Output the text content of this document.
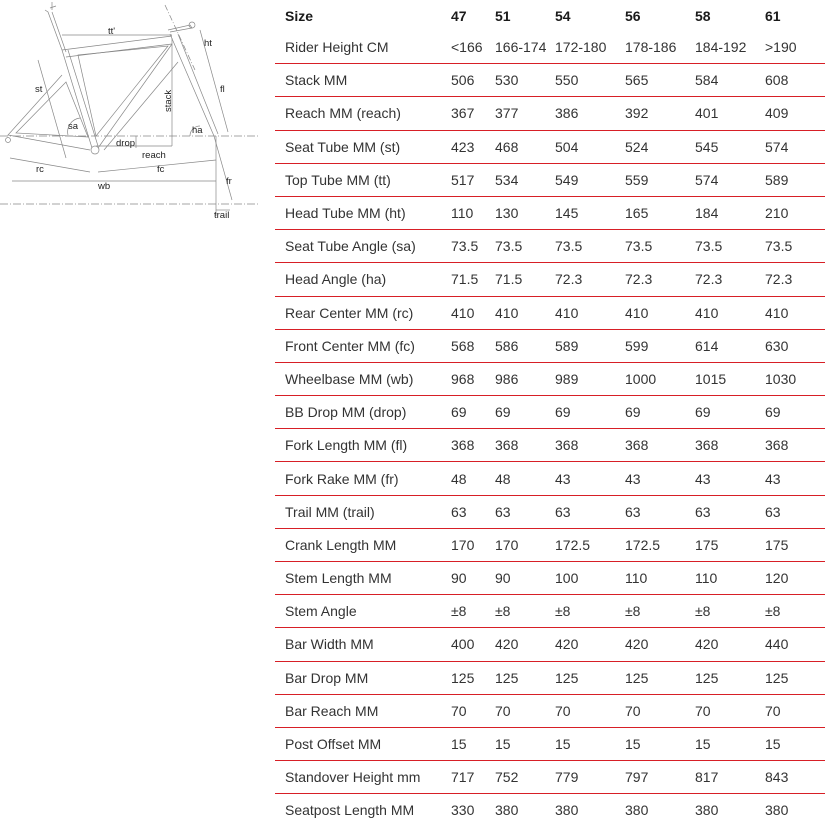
tt'
ht
st
stack
fl
sa	ha
drop
reach
rc	fc
wb	fr
trail
Size	47	51	54	56	58	61
Rider Height CM	<166	166-174	172-180	178-186	184-192	>190
Stack MM	506	530	550	565	584	608
Reach MM (reach)	367	377	386	392	401	409
Seat Tube MM (st)	423	468	504	524	545	574
Top Tube MM (tt)	517	534	549	559	574	589
Head Tube MM (ht)	110	130	145	165	184	210
Seat Tube Angle (sa)	73.5	73.5	73.5	73.5	73.5	73.5
Head Angle (ha)	71.5	71.5	72.3	72.3	72.3	72.3
Rear Center MM (rc)	410	410	410	410	410	410
Front Center MM (fc)	568	586	589	599	614	630
Wheelbase MM (wb)	968	986	989	1000	1015	1030
BB Drop MM (drop)	69	69	69	69	69	69
Fork Length MM (fl)	368	368	368	368	368	368
Fork Rake MM (fr)	48	48	43	43	43	43
Trail MM (trail)	63	63	63	63	63	63
Crank Length MM	170	170	172.5	172.5	175	175
Stem Length MM	90	90	100	110	110	120
Stem Angle	±8	±8	±8	±8	±8	±8
Bar Width MM	400	420	420	420	420	440
Bar Drop MM	125	125	125	125	125	125
Bar Reach MM	70	70	70	70	70	70
Post Offset MM	15	15	15	15	15	15
Standover Height mm	717	752	779	797	817	843
Seatpost Length MM	330	380	380	380	380	380
